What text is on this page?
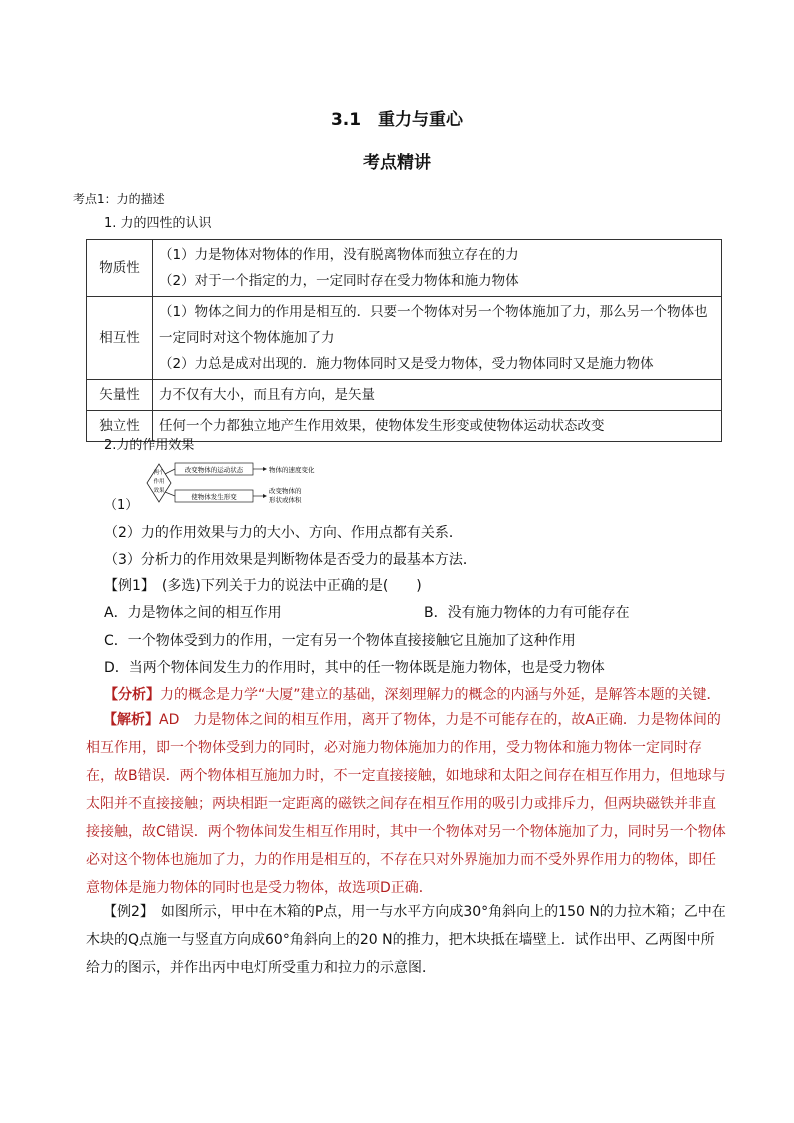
3.1　重力与重心
考点精讲
考点1：力的描述
1. 力的四性的认识
物质性	（1）力是物体对物体的作用，没有脱离物体而独立存在的力
（2）对于一个指定的力，一定同时存在受力物体和施力物体

相互性	（1）物体之间力的作用是相互的．只要一个物体对另一个物体施加了力，那么另一个物体也一定同时对这个物体施加了力
（2）力总是成对出现的．施力物体同时又是受力物体，受力物体同时又是施力物体

矢量性	力不仅有大小，而且有方向，是矢量
独立性	任何一个力都独立地产生作用效果，使物体发生形变或使物体运动状态改变
2.力的作用效果
两个
作用
效果
改变物体的运动状态
使物体发生形变
物体的速度变化
改变物体的
形状或体积
（1）
（2）力的作用效果与力的大小、方向、作用点都有关系．
（3）分析力的作用效果是判断物体是否受力的最基本方法．
【例1】　(多选)下列关于力的说法中正确的是(　　)
A．力是物体之间的相互作用	B．没有施力物体的力有可能存在
C．一个物体受到力的作用，一定有另一个物体直接接触它且施加了这种作用
D．当两个物体间发生力的作用时，其中的任一物体既是施力物体，也是受力物体
【分析】力的概念是力学“大厦”建立的基础，深刻理解力的概念的内涵与外延，是解答本题的关键．
【解析】AD　力是物体之间的相互作用，离开了物体，力是不可能存在的，故A正确．力是物体间的相互作用，即一个物体受到力的同时，必对施力物体施加力的作用，受力物体和施力物体一定同时存在，故B错误．两个物体相互施加力时，不一定直接接触，如地球和太阳之间存在相互作用力，但地球与太阳并不直接接触；两块相距一定距离的磁铁之间存在相互作用的吸引力或排斥力，但两块磁铁并非直接接触，故C错误．两个物体间发生相互作用时，其中一个物体对另一个物体施加了力，同时另一个物体必对这个物体也施加了力，力的作用是相互的，不存在只对外界施加力而不受外界作用力的物体，即任意物体是施力物体的同时也是受力物体，故选项D正确．
【例2】　如图所示，甲中在木箱的P点，用一与水平方向成30°角斜向上的150 N的力拉木箱；乙中在木块的Q点施一与竖直方向成60°角斜向上的20 N的推力，把木块抵在墙壁上．试作出甲、乙两图中所给力的图示，并作出丙中电灯所受重力和拉力的示意图．
